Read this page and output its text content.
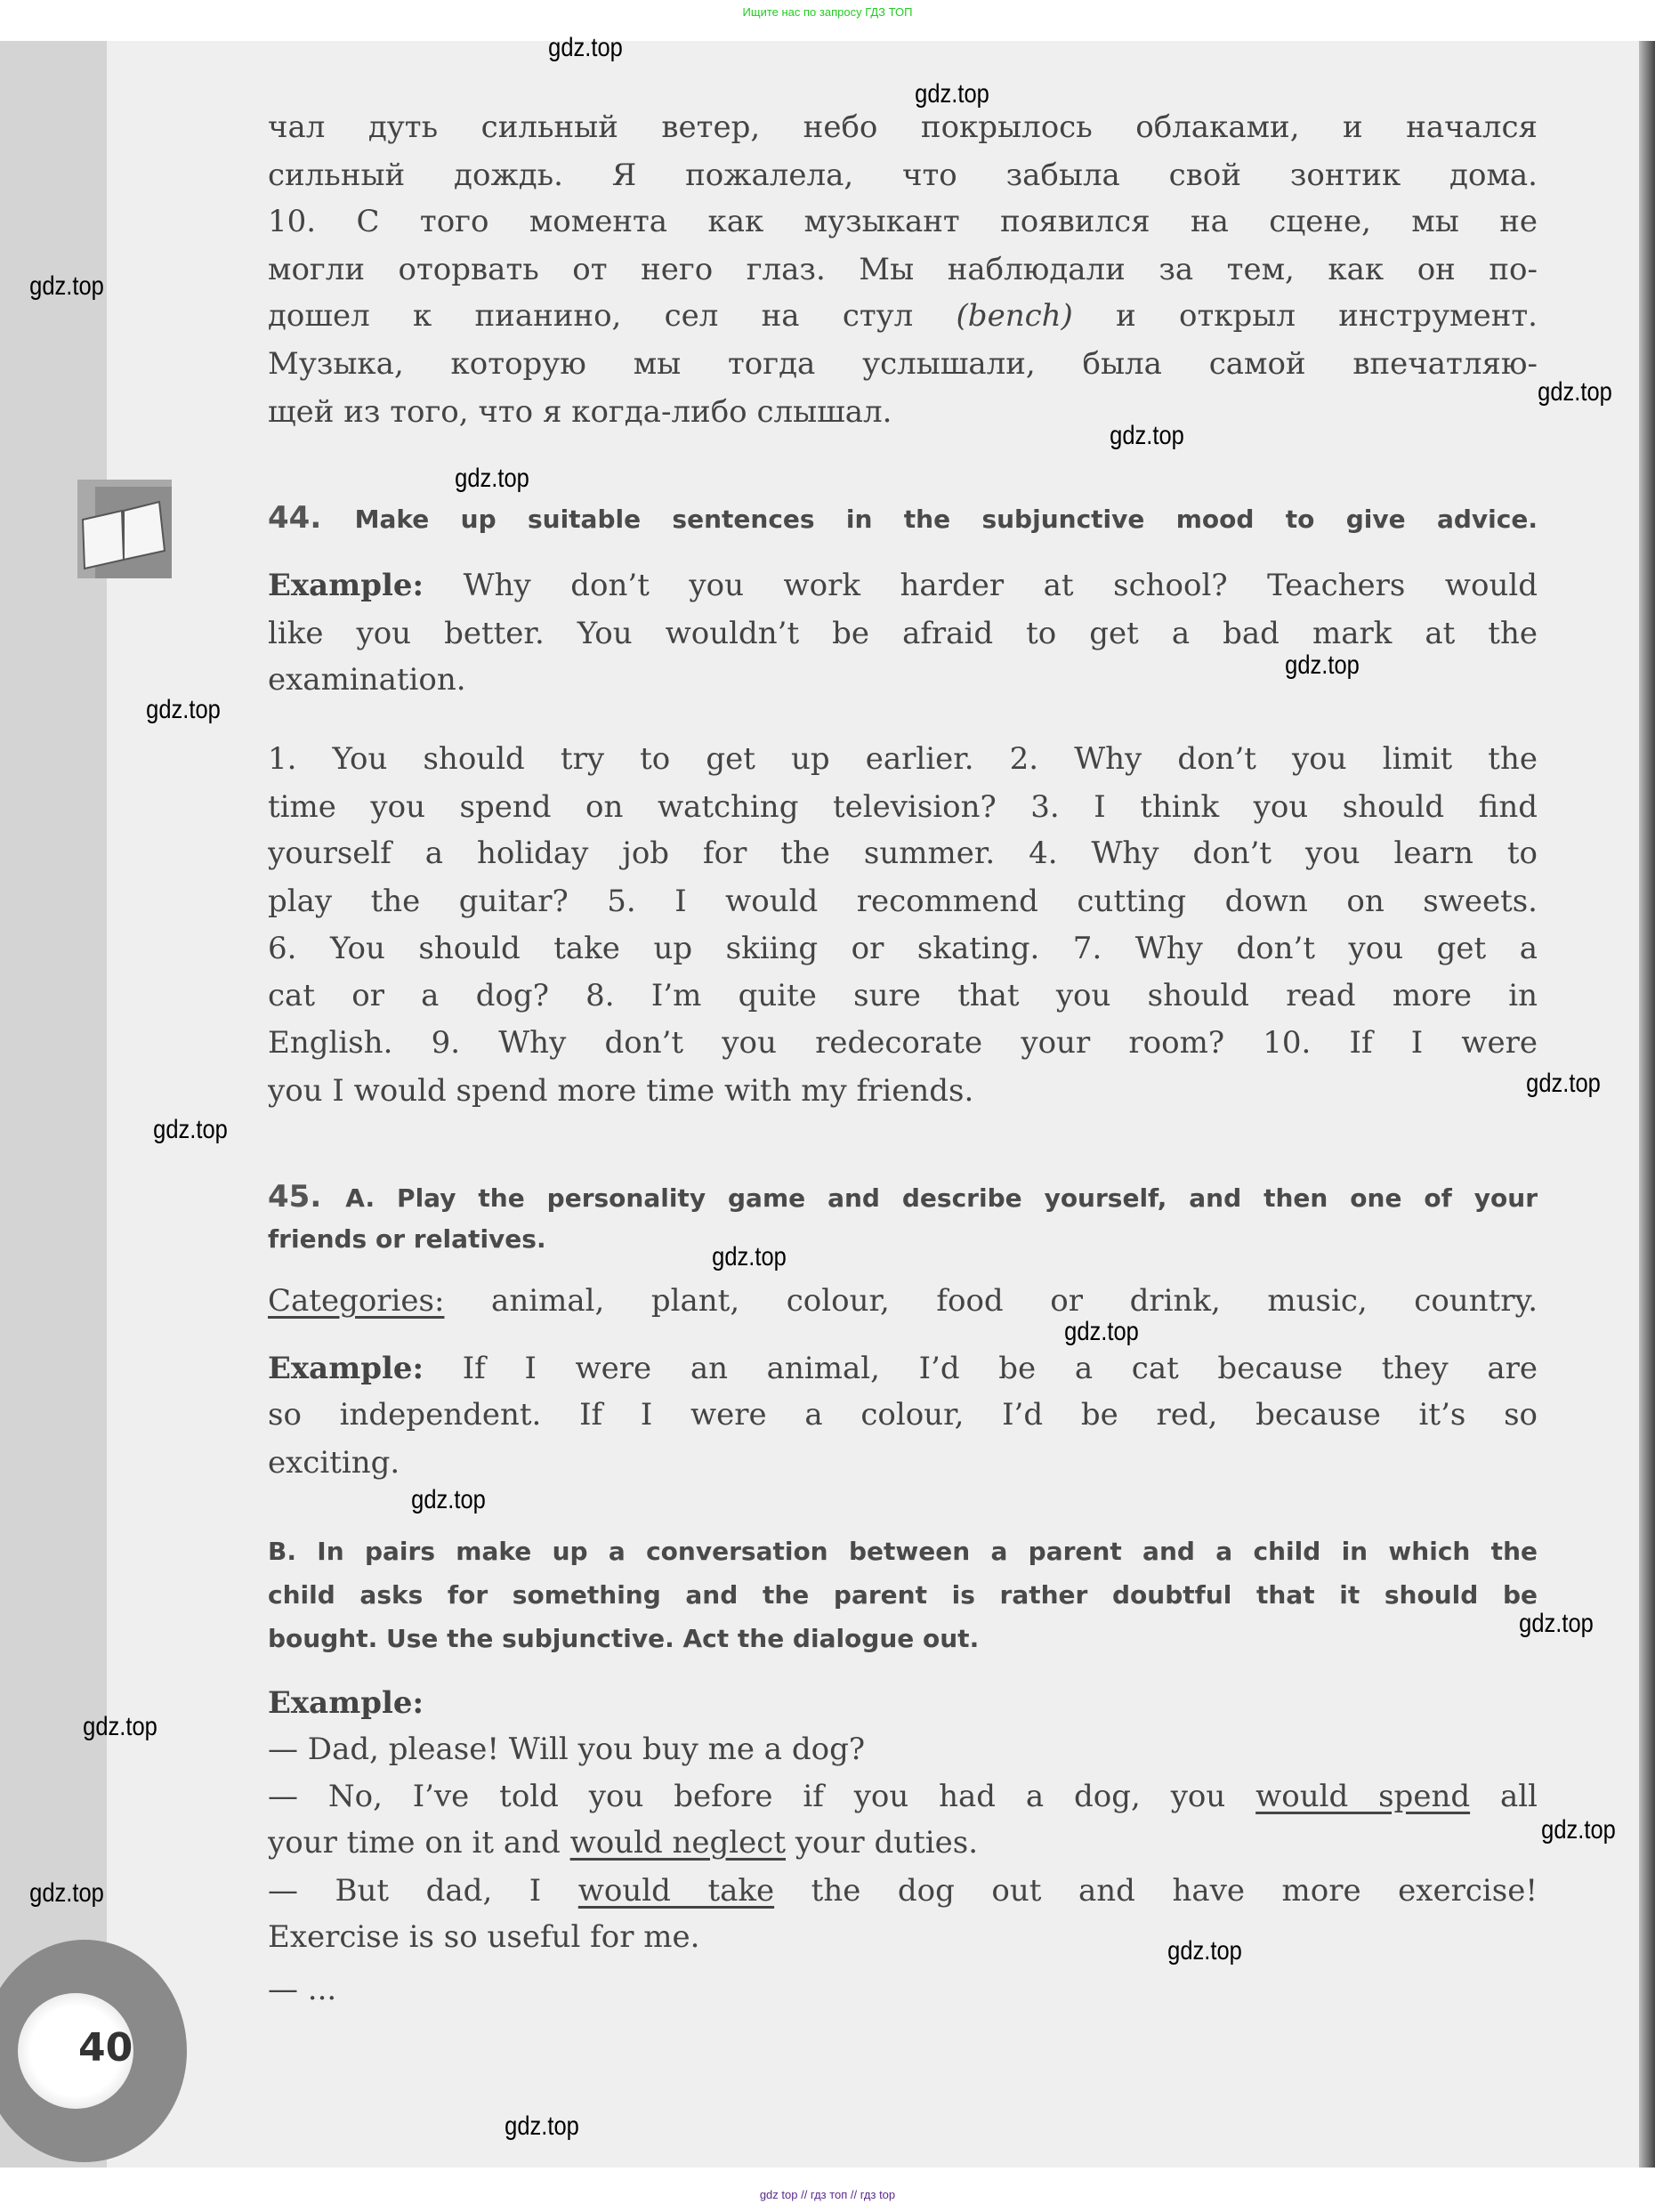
Ищите нас по запросу ГДЗ ТОП
40
чал дуть сильный ветер, небо покрылось облаками, и начался
сильный дождь. Я пожалела, что забыла свой зонтик дома.
10. С того момента как музыкант появился на сцене, мы не
могли оторвать от него глаз. Мы наблюдали за тем, как он по-
дошел к пианино, сел на стул (bench) и открыл инструмент.
Музыка, которую мы тогда услышали, была самой впечатляю-
щей из того, что я когда-либо слышал.
44. Make up suitable sentences in the subjunctive mood to give advice.
Example: Why don’t you work harder at school? Teachers would
like you better. You wouldn’t be afraid to get a bad mark at the
examination.
1. You should try to get up earlier. 2. Why don’t you limit the
time you spend on watching television? 3. I think you should find
yourself a holiday job for the summer. 4. Why don’t you learn to
play the guitar? 5. I would recommend cutting down on sweets.
6. You should take up skiing or skating. 7. Why don’t you get a
cat or a dog? 8. I’m quite sure that you should read more in
English. 9. Why don’t you redecorate your room? 10. If I were
you I would spend more time with my friends.
45. A. Play the personality game and describe yourself, and then one of your
friends or relatives.
Categories: animal, plant, colour, food or drink, music, country.
Example: If I were an animal, I’d be a cat because they are
so independent. If I were a colour, I’d be red, because it’s so
exciting.
B. In pairs make up a conversation between a parent and a child in which the
child asks for something and the parent is rather doubtful that it should be
bought. Use the subjunctive. Act the dialogue out.
Example:
— Dad, please! Will you buy me a dog?
— No, I’ve told you before if you had a dog, you would spend all
your time on it and would neglect your duties.
— But dad, I would take the dog out and have more exercise!
Exercise is so useful for me.
— ...
gdz.top
gdz.top
gdz.top
gdz.top
gdz.top
gdz.top
gdz.top
gdz.top
gdz.top
gdz.top
gdz.top
gdz.top
gdz.top
gdz.top
gdz.top
gdz.top
gdz.top
gdz.top
gdz.top
gdz top // гдз топ // гдз top
